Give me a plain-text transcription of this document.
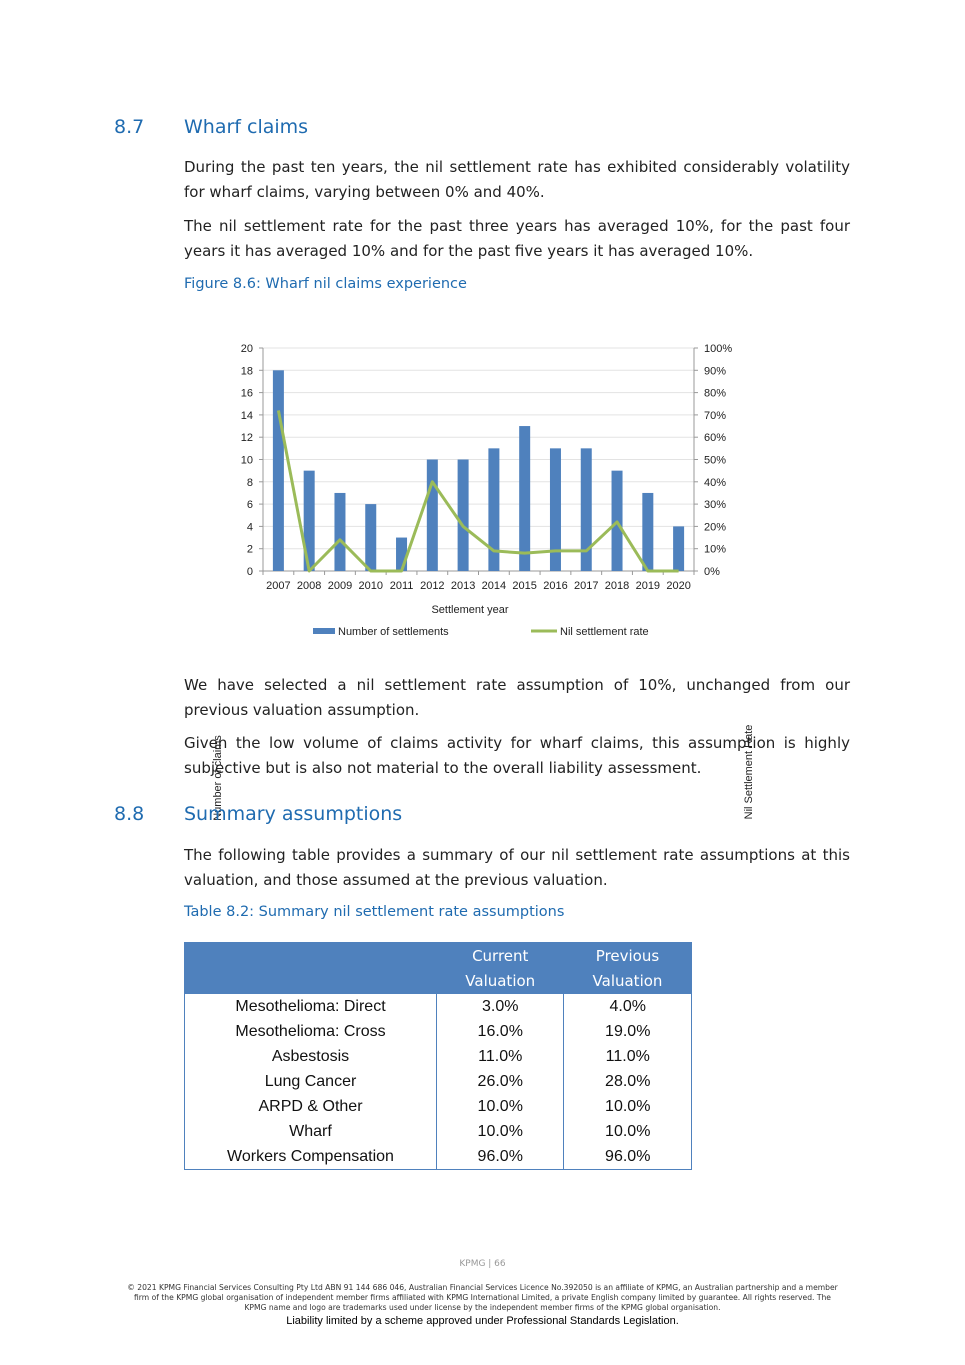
8.7 Wharf claims

During the past ten years, the nil settlement rate has exhibited considerably volatility for wharf claims, varying between 0% and 40%.

The nil settlement rate for the past three years has averaged 10%, for the past four years it has averaged 10% and for the past five years it has averaged 10%.

Figure 8.6: Wharf nil claims experience
0
2
4
6
8
10
12
14
16
18
20
0%
10%
20%
30%
40%
50%
60%
70%
80%
90%
100%
2007 2008 2009 2010 2011 2012 2013 2014 2015 2016 2017 2018 2019 2020
Settlement year
Number of claims	Nil Settlement Rate
Number of settlements	Nil settlement rate

We have selected a nil settlement rate assumption of 10%, unchanged from our previous valuation assumption.

Given the low volume of claims activity for wharf claims, this assumption is highly subjective but is also not material to the overall liability assessment.

8.8 Summary assumptions

The following table provides a summary of our nil settlement rate assumptions at this valuation, and those assumed at the previous valuation.

Table 8.2: Summary nil settlement rate assumptions

	Current Valuation	Previous Valuation

Mesothelioma: Direct	3.0%	4.0%
Mesothelioma: Cross	16.0%	19.0%
Asbestosis	11.0%	11.0%
Lung Cancer	26.0%	28.0%
ARPD & Other	10.0%	10.0%
Wharf	10.0%	10.0%
Workers Compensation	96.0%	96.0%
KPMG | 66
© 2021 KPMG Financial Services Consulting Pty Ltd ABN 91 144 686 046, Australian Financial Services Licence No.392050 is an affiliate of KPMG, an Australian partnership and a member firm of the KPMG global organisation of independent member firms affiliated with KPMG International Limited, a private English company limited by guarantee. All rights reserved. The KPMG name and logo are trademarks used under license by the independent member firms of the KPMG global organisation.
Liability limited by a scheme approved under Professional Standards Legislation.
